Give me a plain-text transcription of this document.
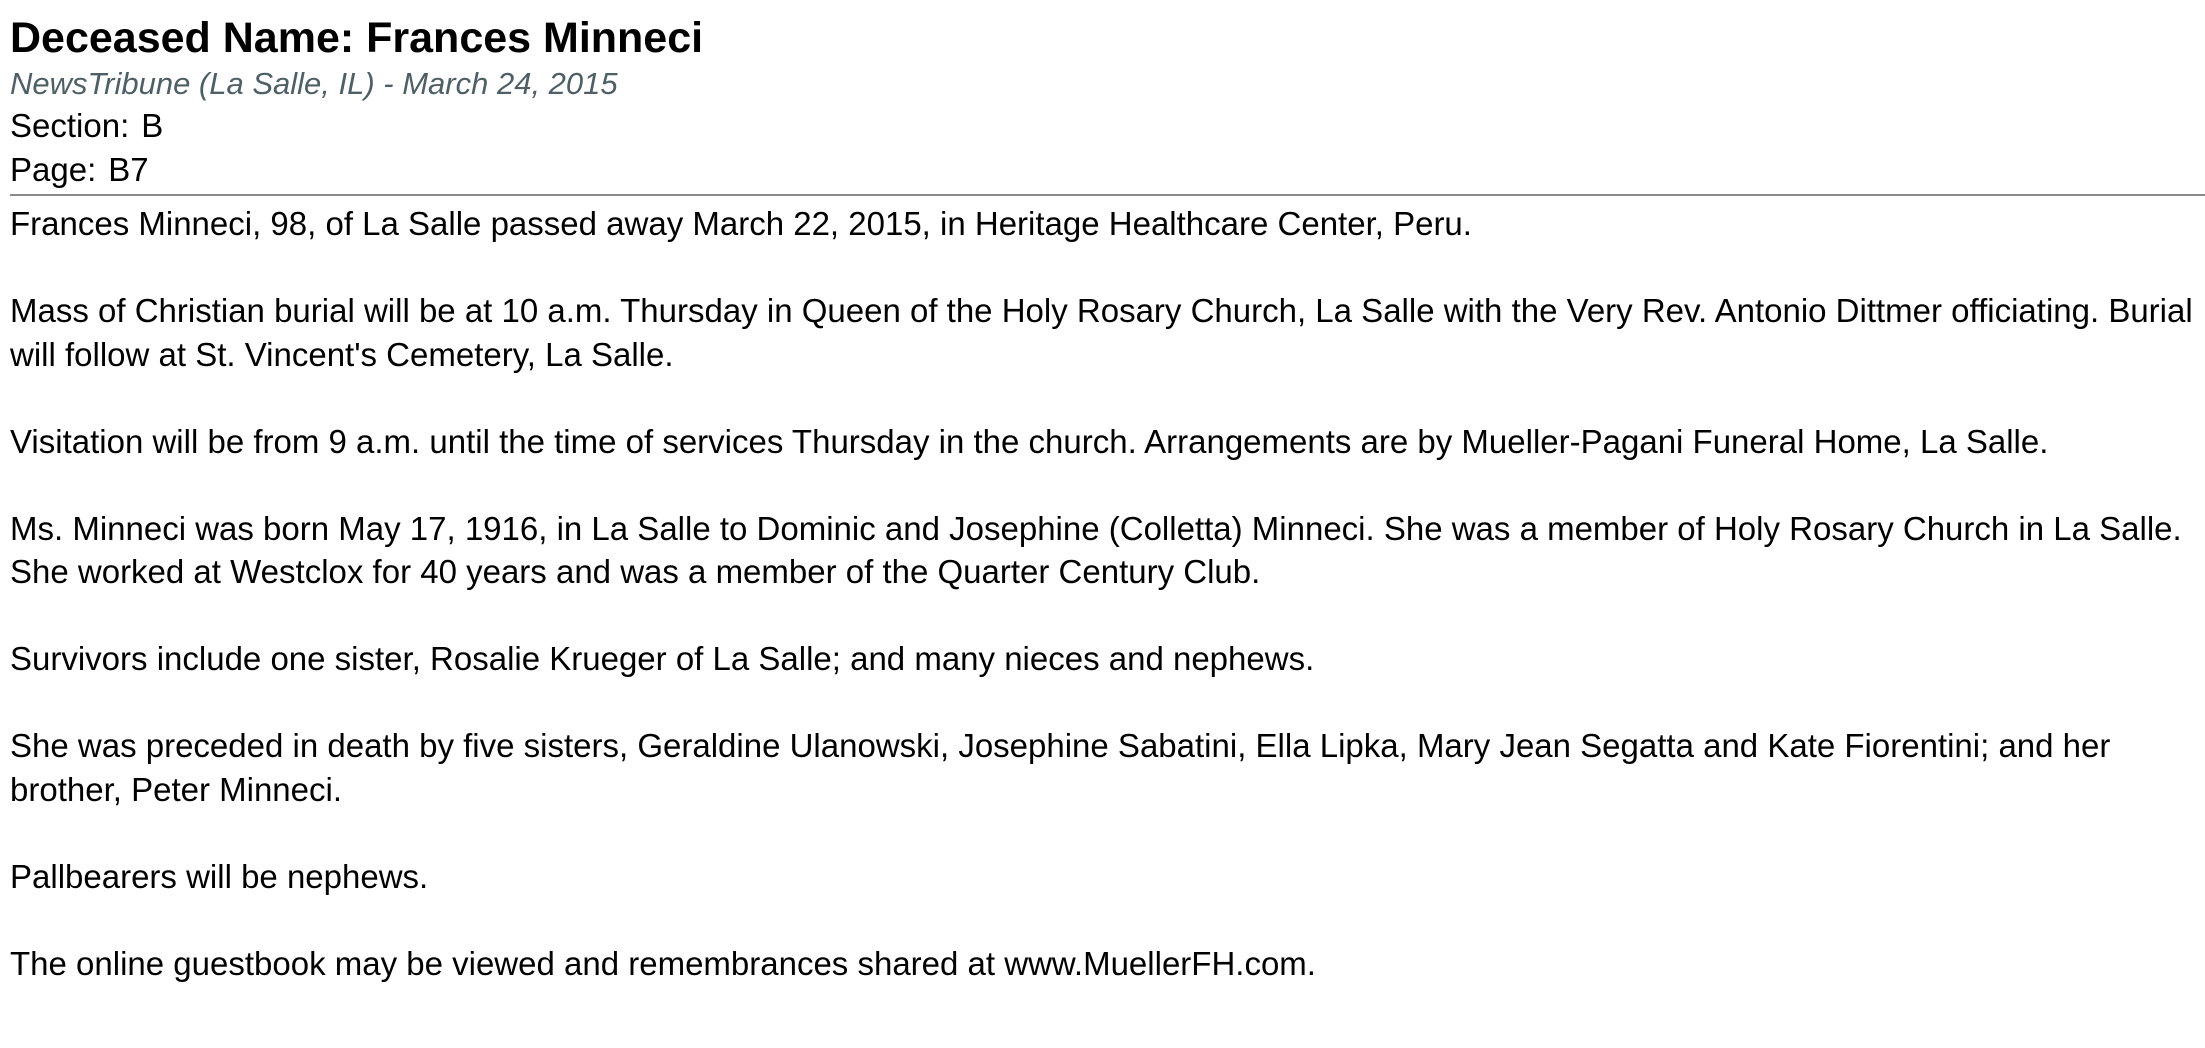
Deceased Name: Frances Minneci
NewsTribune (La Salle, IL) - March 24, 2015
Section: B
Page: B7

Frances Minneci, 98, of La Salle passed away March 22, 2015, in Heritage Healthcare Center, Peru.

Mass of Christian burial will be at 10 a.m. Thursday in Queen of the Holy Rosary Church, La Salle with the Very Rev. Antonio Dittmer officiating. Burial will follow at St. Vincent's Cemetery, La Salle.

Visitation will be from 9 a.m. until the time of services Thursday in the church. Arrangements are by Mueller-Pagani Funeral Home, La Salle.

Ms. Minneci was born May 17, 1916, in La Salle to Dominic and Josephine (Colletta) Minneci. She was a member of Holy Rosary Church in La Salle. She worked at Westclox for 40 years and was a member of the Quarter Century Club.

Survivors include one sister, Rosalie Krueger of La Salle; and many nieces and nephews.

She was preceded in death by five sisters, Geraldine Ulanowski, Josephine Sabatini, Ella Lipka, Mary Jean Segatta and Kate Fiorentini; and her brother, Peter Minneci.

Pallbearers will be nephews.

The online guestbook may be viewed and remembrances shared at www.MuellerFH.com.
